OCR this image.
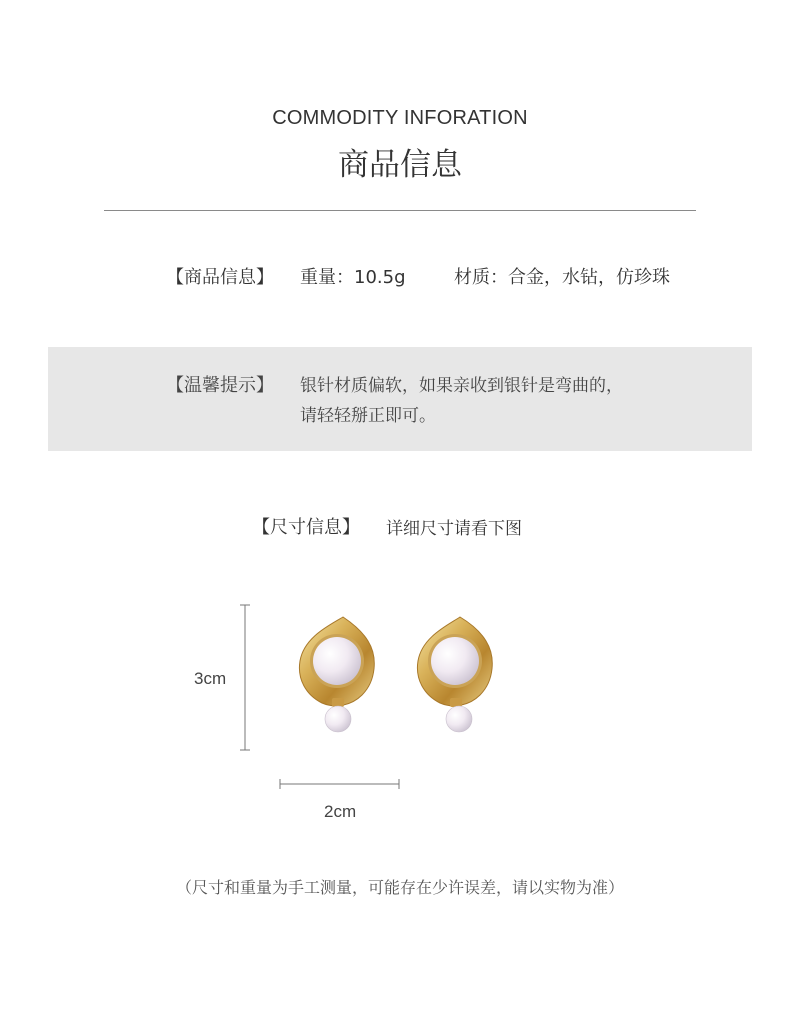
COMMODITY INFORATION
商品信息
【商品信息】 重量：10.5g	材质：合金，水钻，仿珍珠
【温馨提示】 银针材质偏软，如果亲收到银针是弯曲的，
请轻轻掰正即可。
【尺寸信息】 详细尺寸请看下图
3cm
2cm
（尺寸和重量为手工测量，可能存在少许误差，请以实物为准）
